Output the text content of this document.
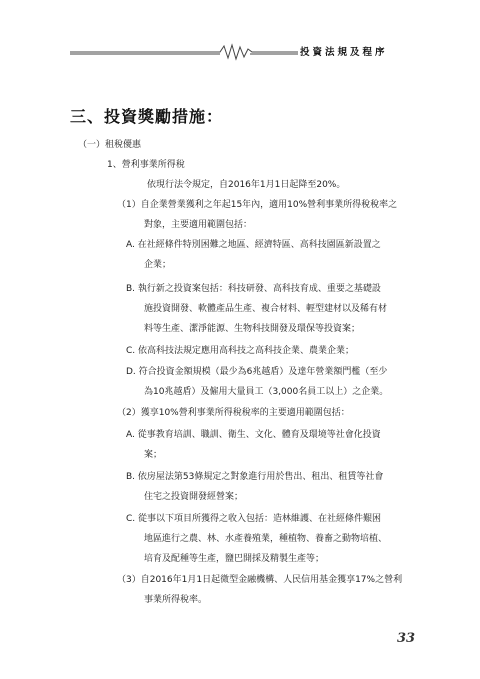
投資法規及程序
三、投資獎勵措施：
（一）租稅優惠
1、營利事業所得稅
依現行法令規定，自2016年1月1日起降至20%。
（1）自企業營業獲利之年起15年內，適用10%營利事業所得稅稅率之
對象，主要適用範圍包括：
A. 在社經條件特別困難之地區、經濟特區、高科技園區新設置之
企業；
B. 執行新之投資案包括：科技研發、高科技育成、重要之基礎設
施投資開發、軟體產品生產、複合材料、輕型建材以及稀有材
料等生產、潔淨能源、生物科技開發及環保等投資案；
C. 依高科技法規定應用高科技之高科技企業、農業企業；
D. 符合投資金額規模（最少為6兆越盾）及達年營業額門檻（至少
為10兆越盾）及僱用大量員工（3,000名員工以上）之企業。
（2）獲享10%營利事業所得稅稅率的主要適用範圍包括：
A. 從事教育培訓、職訓、衛生、文化、體育及環境等社會化投資
案；
B. 依房屋法第53條規定之對象進行用於售出、租出、租賃等社會
住宅之投資開發經營案；
C. 從事以下項目所獲得之收入包括：造林維護、在社經條件艱困
地區進行之農、林、水產養殖業，種植物、養畜之動物培植、
培育及配種等生產，鹽巴開採及精製生產等；
（3）自2016年1月1日起微型金融機構、人民信用基金獲享17%之營利
事業所得稅率。
33
